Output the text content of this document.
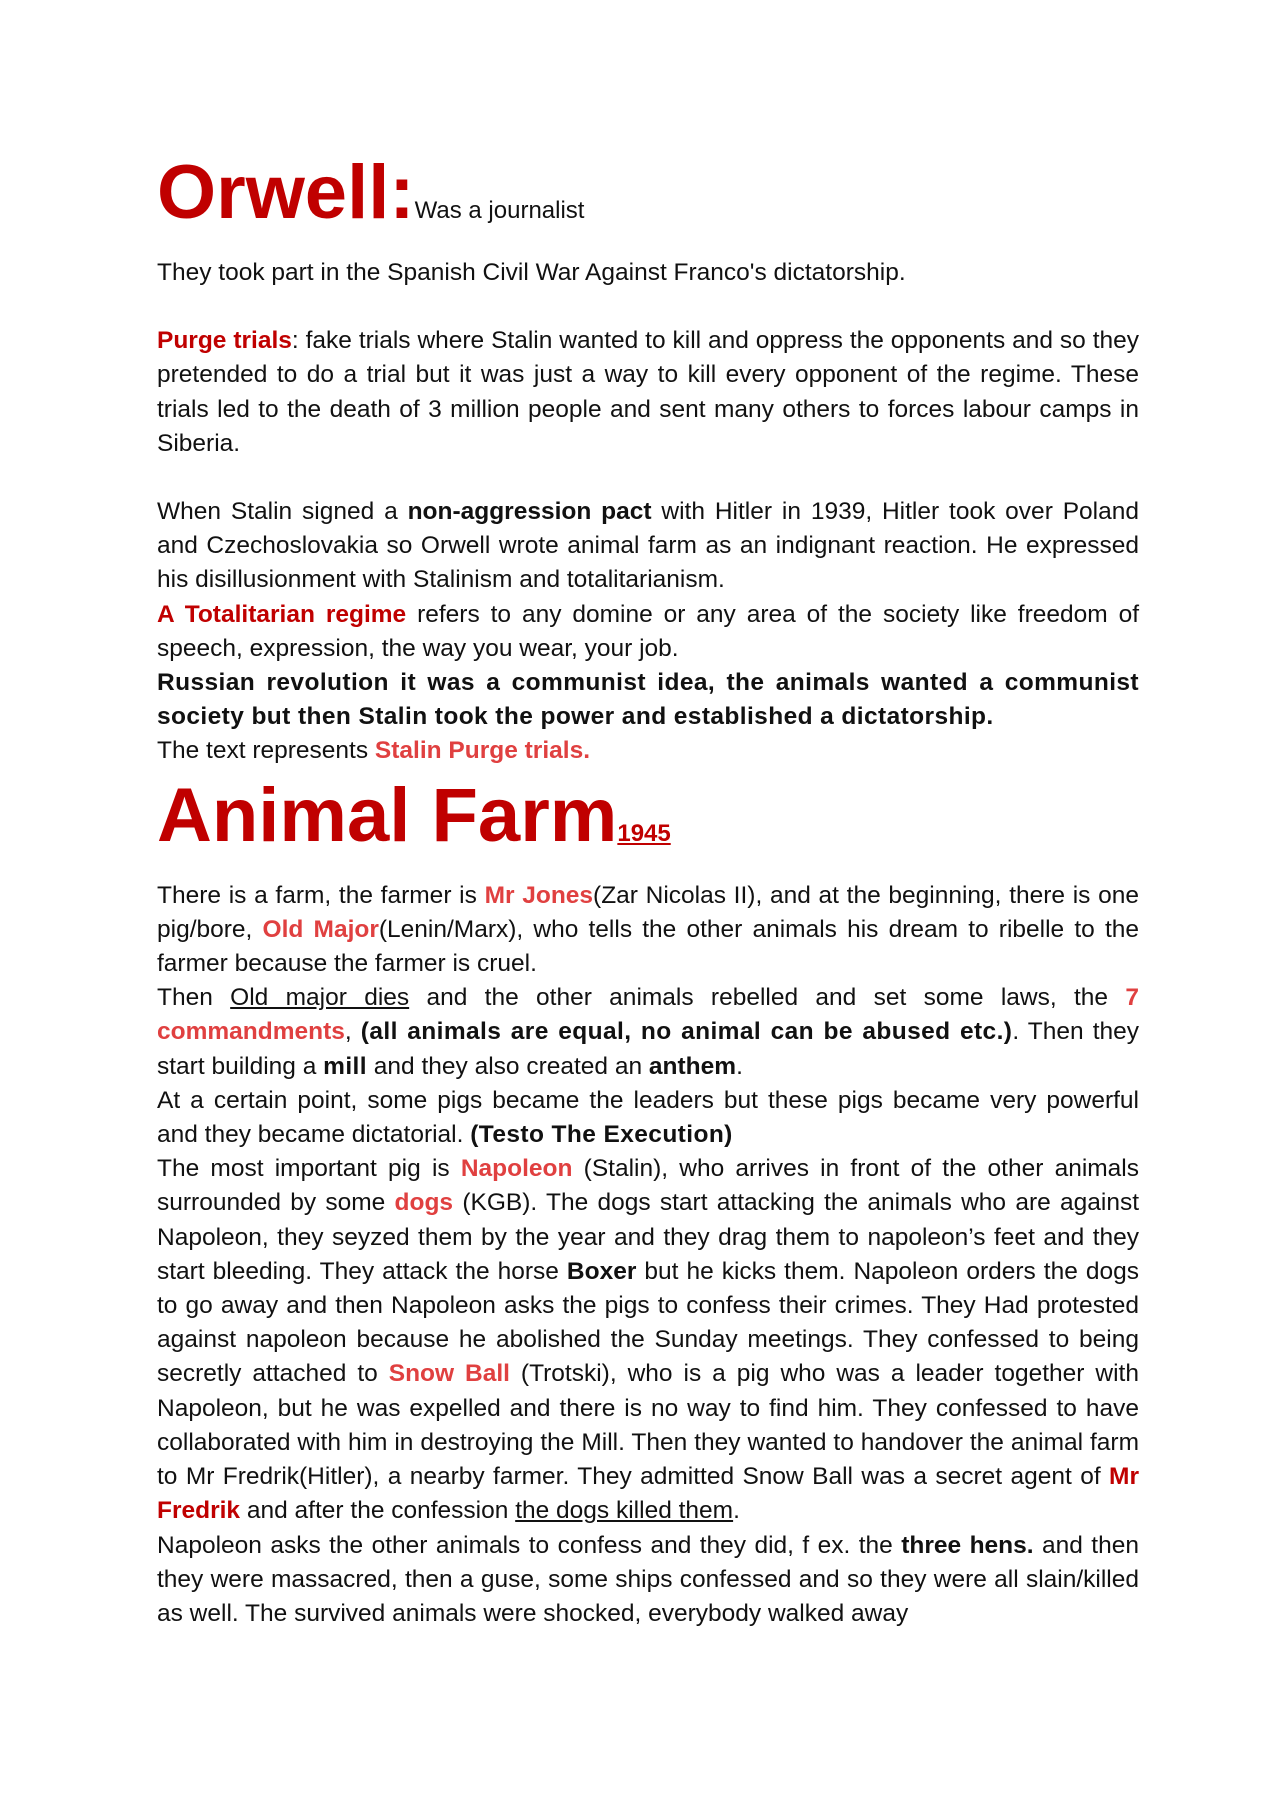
Orwell:Was a journalist

They took part in the Spanish Civil War Against Franco's dictatorship.

Purge trials: fake trials where Stalin wanted to kill and oppress the opponents and so they pretended to do a trial but it was just a way to kill every opponent of the regime. These trials led to the death of 3 million people and sent many others to forces labour camps in Siberia.

When Stalin signed a non-aggression pact with Hitler in 1939, Hitler took over Poland and Czechoslovakia so Orwell wrote animal farm as an indignant reaction. He expressed his disillusionment with Stalinism and totalitarianism.

A Totalitarian regime refers to any domine or any area of the society like freedom of speech, expression, the way you wear, your job.

Russian revolution it was a communist idea, the animals wanted a communist society but then Stalin took the power and established a dictatorship.

The text represents Stalin Purge trials.

Animal Farm1945

There is a farm, the farmer is Mr Jones(Zar Nicolas II), and at the beginning, there is one pig/bore, Old Major(Lenin/Marx), who tells the other animals his dream to ribelle to the farmer because the farmer is cruel.

Then Old major dies and the other animals rebelled and set some laws, the 7 commandments, (all animals are equal, no animal can be abused etc.). Then they start building a mill and they also created an anthem.

At a certain point, some pigs became the leaders but these pigs became very powerful and they became dictatorial. (Testo The Execution)

The most important pig is Napoleon (Stalin), who arrives in front of the other animals surrounded by some dogs (KGB). The dogs start attacking the animals who are against Napoleon, they seyzed them by the year and they drag them to napoleon’s feet and they start bleeding. They attack the horse Boxer but he kicks them. Napoleon orders the dogs to go away and then Napoleon asks the pigs to confess their crimes. They Had protested against napoleon because he abolished the Sunday meetings. They confessed to being secretly attached to Snow Ball (Trotski), who is a pig who was a leader together with Napoleon, but he was expelled and there is no way to find him. They confessed to have collaborated with him in destroying the Mill. Then they wanted to handover the animal farm to Mr Fredrik(Hitler), a nearby farmer. They admitted Snow Ball was a secret agent of Mr Fredrik and after the confession the dogs killed them.

Napoleon asks the other animals to confess and they did, f ex. the three hens. and then they were massacred, then a guse, some ships confessed and so they were all slain/killed as well. The survived animals were shocked, everybody walked away
